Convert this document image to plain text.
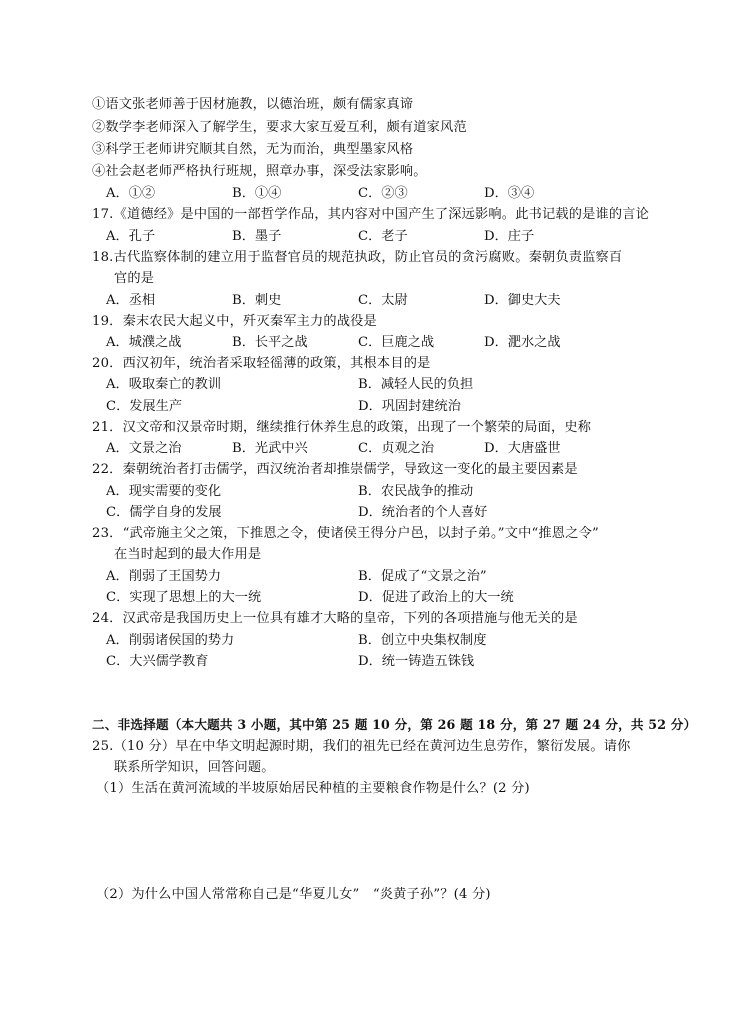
①语文张老师善于因材施教，以德治班，颇有儒家真谛
②数学李老师深入了解学生，要求大家互爱互利，颇有道家风范
③科学王老师讲究顺其自然，无为而治，典型墨家风格
④社会赵老师严格执行班规，照章办事，深受法家影响。
A．①②	B．①④	C．②③	D．③④
17.《道德经》是中国的一部哲学作品，其内容对中国产生了深远影响。此书记载的是谁的言论
A．孔子	B．墨子	C．老子	D．庄子
18.古代监察体制的建立用于监督官员的规范执政，防止官员的贪污腐败。秦朝负责监察百
官的是
A．丞相	B．刺史	C．太尉	D．御史大夫
19．秦末农民大起义中，歼灭秦军主力的战役是
A．城濮之战	B．长平之战	C．巨鹿之战	D．淝水之战
20．西汉初年，统治者采取轻徭薄的政策，其根本目的是
A．吸取秦亡的教训	B．减轻人民的负担
C．发展生产	D．巩固封建统治
21．汉文帝和汉景帝时期，继续推行休养生息的政策，出现了一个繁荣的局面，史称
A．文景之治	B．光武中兴	C．贞观之治	D．大唐盛世
22．秦朝统治者打击儒学，西汉统治者却推崇儒学，导致这一变化的最主要因素是
A．现实需要的变化	B．农民战争的推动
C．儒学自身的发展	D．统治者的个人喜好
23．“武帝施主父之策，下推恩之令，使诸侯王得分户邑，以封子弟。”文中“推恩之令”
在当时起到的最大作用是
A．削弱了王国势力	B．促成了“文景之治”
C．实现了思想上的大一统	D．促进了政治上的大一统
24．汉武帝是我国历史上一位具有雄才大略的皇帝，下列的各项措施与他无关的是
A．削弱诸侯国的势力	B．创立中央集权制度
C．大兴儒学教育	D．统一铸造五铢钱
二、非选择题（本大题共 3 小题，其中第 25 题 10 分，第 26 题 18 分，第 27 题 24 分，共 52 分）
25.（10 分）早在中华文明起源时期，我们的祖先已经在黄河边生息劳作，繁衍发展。请你
联系所学知识，回答问题。
（1）生活在黄河流域的半坡原始居民种植的主要粮食作物是什么？(2 分)
（2）为什么中国人常常称自己是“华夏儿女”　“炎黄子孙”？(4 分)
